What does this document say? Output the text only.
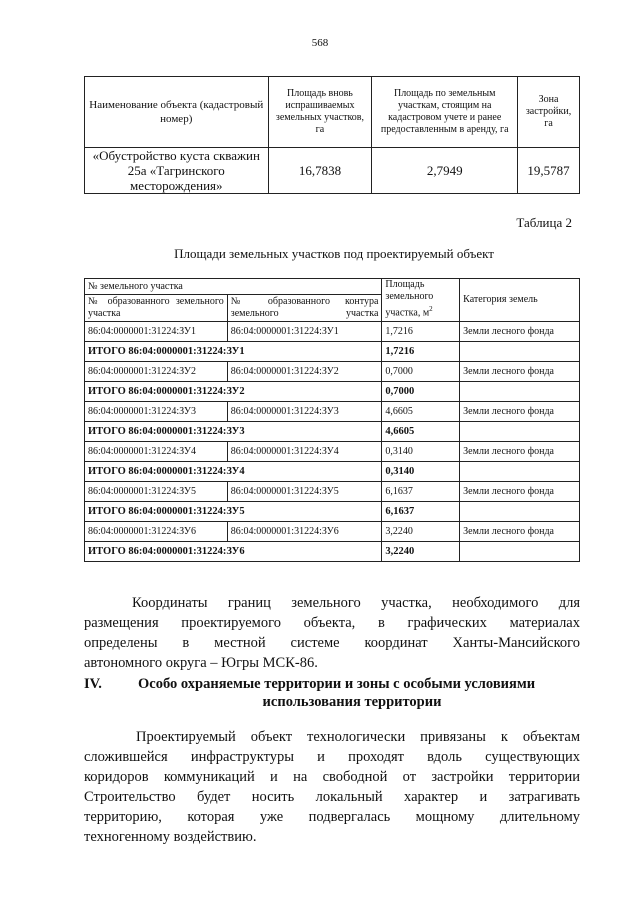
568
Наименование объекта (кадастровый номер)	Площадь вновь испрашиваемых земельных участков, га	Площадь по земельным участкам, стоящим на кадастровом учете и ранее предоставленным в аренду, га	Зона застройки, га
«Обустройство куста скважин 25а «Тагринского месторождения»	16,7838	2,7949	19,5787
Таблица 2
Площади земельных участков под проектируемый объект
№ земельного участка		Площадь земельного участка, $м^2$	Категория земель
№ образованного земельного участка	№ образованного контура земельного участка		
86:04:0000001:31224:ЗУ1	86:04:0000001:31224:ЗУ1	1,7216	Земли лесного фонда
ИТОГО 86:04:0000001:31224:ЗУ1		1,7216	
86:04:0000001:31224:ЗУ2	86:04:0000001:31224:ЗУ2	0,7000	Земли лесного фонда
ИТОГО 86:04:0000001:31224:ЗУ2		0,7000	
86:04:0000001:31224:ЗУ3	86:04:0000001:31224:ЗУ3	4,6605	Земли лесного фонда
ИТОГО 86:04:0000001:31224:ЗУ3		4,6605	
86:04:0000001:31224:ЗУ4	86:04:0000001:31224:ЗУ4	0,3140	Земли лесного фонда
ИТОГО 86:04:0000001:31224:ЗУ4		0,3140	
86:04:0000001:31224:ЗУ5	86:04:0000001:31224:ЗУ5	6,1637	Земли лесного фонда
ИТОГО 86:04:0000001:31224:ЗУ5		6,1637	
86:04:0000001:31224:ЗУ6	86:04:0000001:31224:ЗУ6	3,2240	Земли лесного фонда
ИТОГО 86:04:0000001:31224:ЗУ6		3,2240	
Координаты границ земельного участка, необходимого для
размещения проектируемого объекта, в графических материалах
определены в местной системе координат Ханты-Мансийского
автономного округа – Югры МСК-86.
IV.	Особо охраняемые территории и зоны с особыми условиями
использования территории
Проектируемый объект технологически привязаны к объектам
сложившейся инфраструктуры и проходят вдоль существующих
коридоров коммуникаций и на свободной от застройки территории
Строительство будет носить локальный характер и затрагивать
территорию, которая уже подвергалась мощному длительному
техногенному воздействию.
